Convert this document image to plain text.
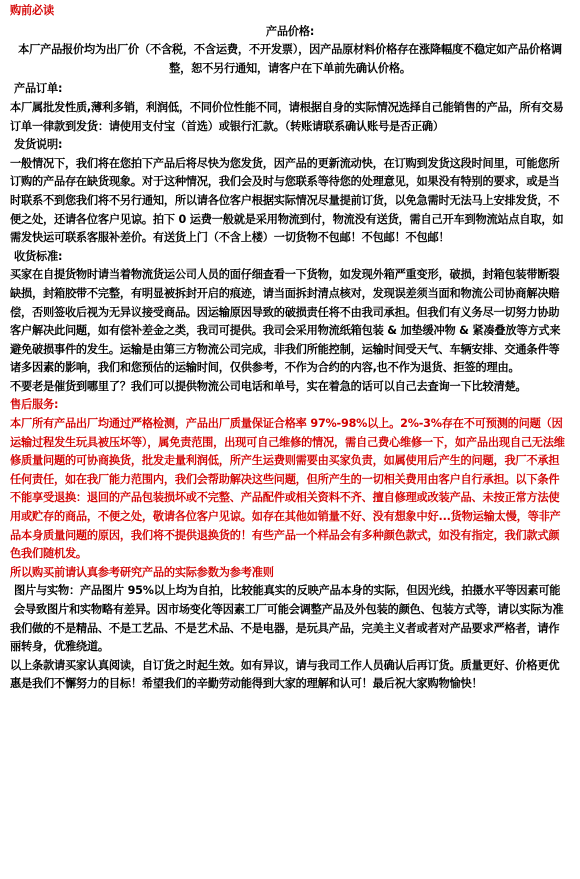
购前必读

产品价格:

本厂产品报价均为出厂价（不含税，不含运费，不开发票），因产品原材料价格存在涨降幅度不稳定如产品价格调整，恕不另行通知，请客户在下单前先确认价格。

产品订单:

本厂属批发性质,薄利多销，利润低，不同价位性能不同，请根据自身的实际情况选择自己能销售的产品，所有交易订单一律款到发货：请使用支付宝（首选）或银行汇款。（转账请联系确认账号是否正确）

发货说明:

一般情况下，我们将在您拍下产品后将尽快为您发货，因产品的更新流动快，在订购到发货这段时间里，可能您所订购的产品存在缺货现象。对于这种情况，我们会及时与您联系等待您的处理意见，如果没有特别的要求，或是当时联系不到您我们将不另行通知，所以请各位客户根据实际情况尽量提前订货，以免急需时无法马上安排发货，不便之处，还请各位客户见谅。拍下 0 运费一般就是采用物流到付，物流没有送货，需自己开车到物流站点自取，如需发快运可联系客服补差价。有送货上门（不含上楼）一切货物不包邮！不包邮！不包邮！

收货标准:

买家在自提货物时请当着物流货运公司人员的面仔细查看一下货物，如发现外箱严重变形，破损，封箱包装带断裂缺损，封箱胶带不完整，有明显被拆封开启的痕迹，请当面拆封清点核对，发现误差须当面和物流公司协商解决赔偿，否则签收后视为无异议接受商品。因运输原因导致的破损责任将不由我司承担。但我们有义务尽一切努力协助客户解决此问题，如有偿补差金之类，我司可提供。我司会采用物流纸箱包装 & 加垫缓冲物 & 紧凑叠放等方式来避免破损事件的发生。运输是由第三方物流公司完成，非我们所能控制，运输时间受天气、车辆安排、交通条件等诸多因素的影响，我们和您预估的运输时间，仅供参考，不作为合约的内容,也不作为退货、拒签的理由。

不要老是催货到哪里了？我们可以提供物流公司电话和单号，实在着急的话可以自己去查询一下比较清楚。

售后服务:

本厂所有产品出厂均通过严格检测，产品出厂质量保证合格率 97%-98%以上。2%-3%存在不可预测的问题（因运输过程发生玩具被压坏等），属免责范围，出现可自己维修的情况，需自己费心维修一下，如产品出现自己无法维修质量问题的可协商换货，批发走量利润低，所产生运费则需要由买家负责，如属使用后产生的问题，我厂不承担任何责任，如在我厂能力范围内，我们会帮助解决这些问题，但所产生的一切相关费用由客户自行承担。以下条件不能享受退换：退回的产品包装损坏或不完整、产品配件或相关资料不齐、擅自修理或改装产品、未按正常方法使用或贮存的商品，不便之处，敬请各位客户见谅。如存在其他如销量不好、没有想象中好...货物运输太慢，等非产品本身质量问题的原因，我们将不提供退换货的！有些产品一个样品会有多种颜色款式，如没有指定，我们款式颜色我们随机发。

所以购买前请认真参考研究产品的实际参数为参考准则

图片与实物：产品图片 95%以上均为自拍，比较能真实的反映产品本身的实际，但因光线，拍摄水平等因素可能会导致图片和实物略有差异。因市场变化等因素工厂可能会调整产品及外包装的颜色、包装方式等，请以实际为准

我们做的不是精品、不是工艺品、不是艺术品、不是电器，是玩具产品，完美主义者或者对产品要求严格者，请作丽转身，优雅绕道。

以上条款请买家认真阅读，自订货之时起生效。如有异议，请与我司工作人员确认后再订货。质量更好、价格更优惠是我们不懈努力的目标！希望我们的辛勤劳动能得到大家的理解和认可！最后祝大家购物愉快！
